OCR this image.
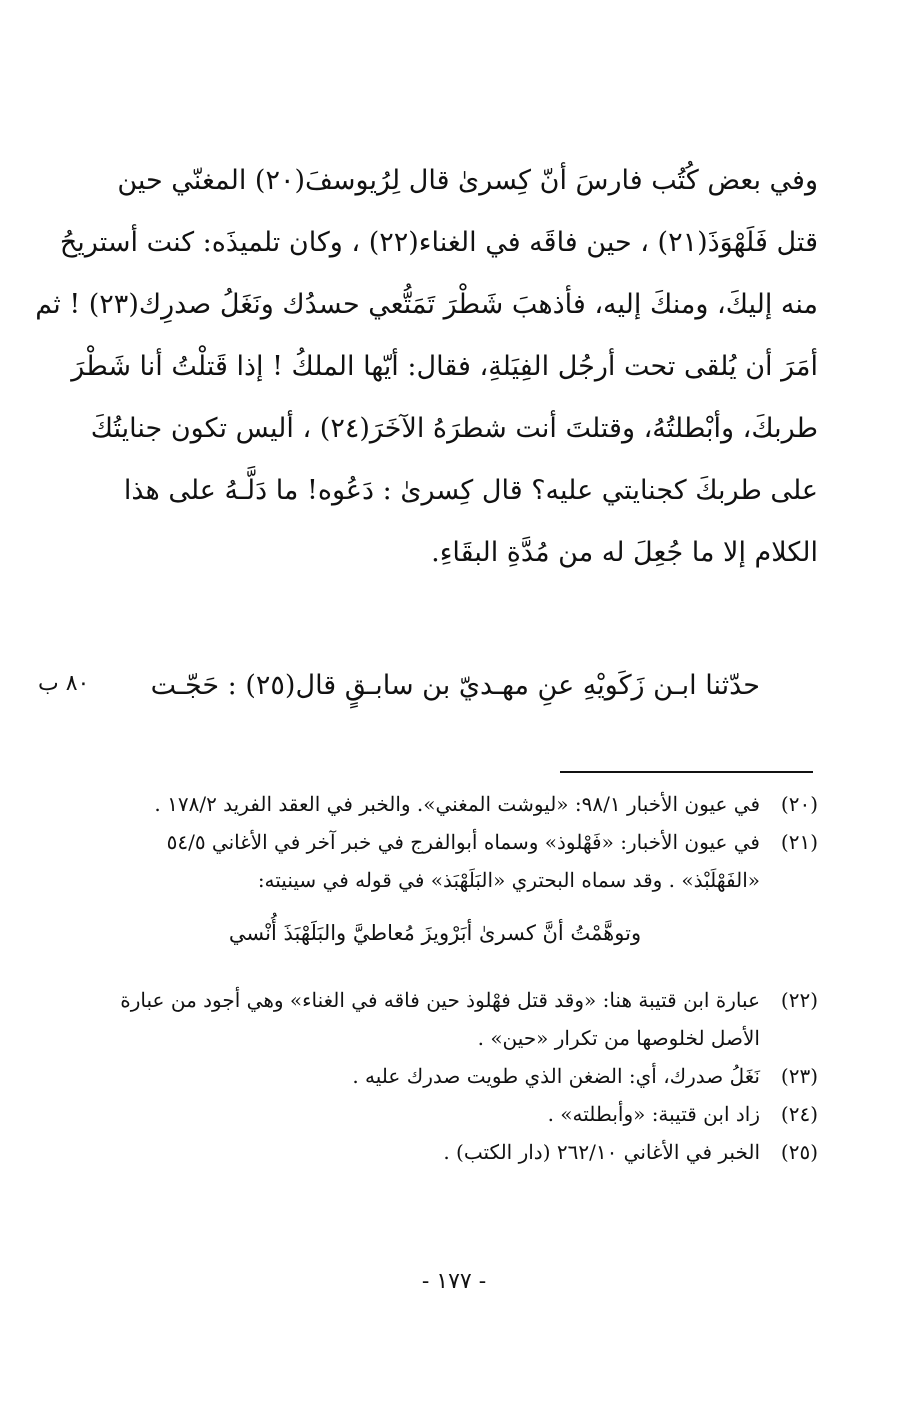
وفي بعض كُتُب فارسَ أنّ كِسرىٰ قال لِرُيوسفَ(٢٠) المغنّي حين
قتل فَلَهْوَذَ(٢١) ، حين فاقَه في الغناء(٢٢) ، وكان تلميذَه: كنت أستريحُ
منه إليكَ، ومنكَ إليه، فأذهبَ شَطْرَ تَمَتُّعي حسدُك ونَغَلُ صدرِك(٢٣) ! ثم
أمَرَ أن يُلقى تحت أرجُل الفِيَلةِ، فقال: أيّها الملكُ ! إذا قَتلْتُ أنا شَطْرَ
طربكَ، وأبْطلتُهُ، وقتلتَ أنت شطرَهُ الآخَرَ(٢٤) ، أليس تكون جنايتُكَ
على طربكَ كجنايتي عليه؟ قال كِسرىٰ : دَعُوه! ما دَلَّـهُ على هذا
الكلام إلا ما جُعِلَ له من مُدَّةِ البقَاءِ.
حدّثنا ابـن زَكَويْهِ عنِ مهـديّ بن سابـقٍ قال(٢٥) : حَجّـت
٨٠ ب
(٢٠)
في عيون الأخبار ٩٨/١: «ليوشت المغني». والخبر في العقد الفريد ١٧٨/٢ .
(٢١)
في عيون الأخبار: «فَهْلوذ» وسماه أبوالفرج في خبر آخر في الأغاني ٥٤/٥
«الفَهْلَبْذ» . وقد سماه البحتري «البَلَهْبَذ» في قوله في سينيته:
وتوهَّمْتُ أنَّ كسرىٰ أبَرْويزَ مُعاطيَّ والبَلَهْبَذَ أُنْسي
(٢٢)
عبارة ابن قتيبة هنا: «وقد قتل فهْلوذ حين فاقه في الغناء» وهي أجود من عبارة
الأصل لخلوصها من تكرار «حين» .
(٢٣)
نَغَلُ صدرك، أي: الضغن الذي طويت صدرك عليه .
(٢٤)
زاد ابن قتيبة: «وأبطلته» .
(٢٥)
الخبر في الأغاني ٢٦٢/١٠ (دار الكتب) .
- ١٧٧ -
